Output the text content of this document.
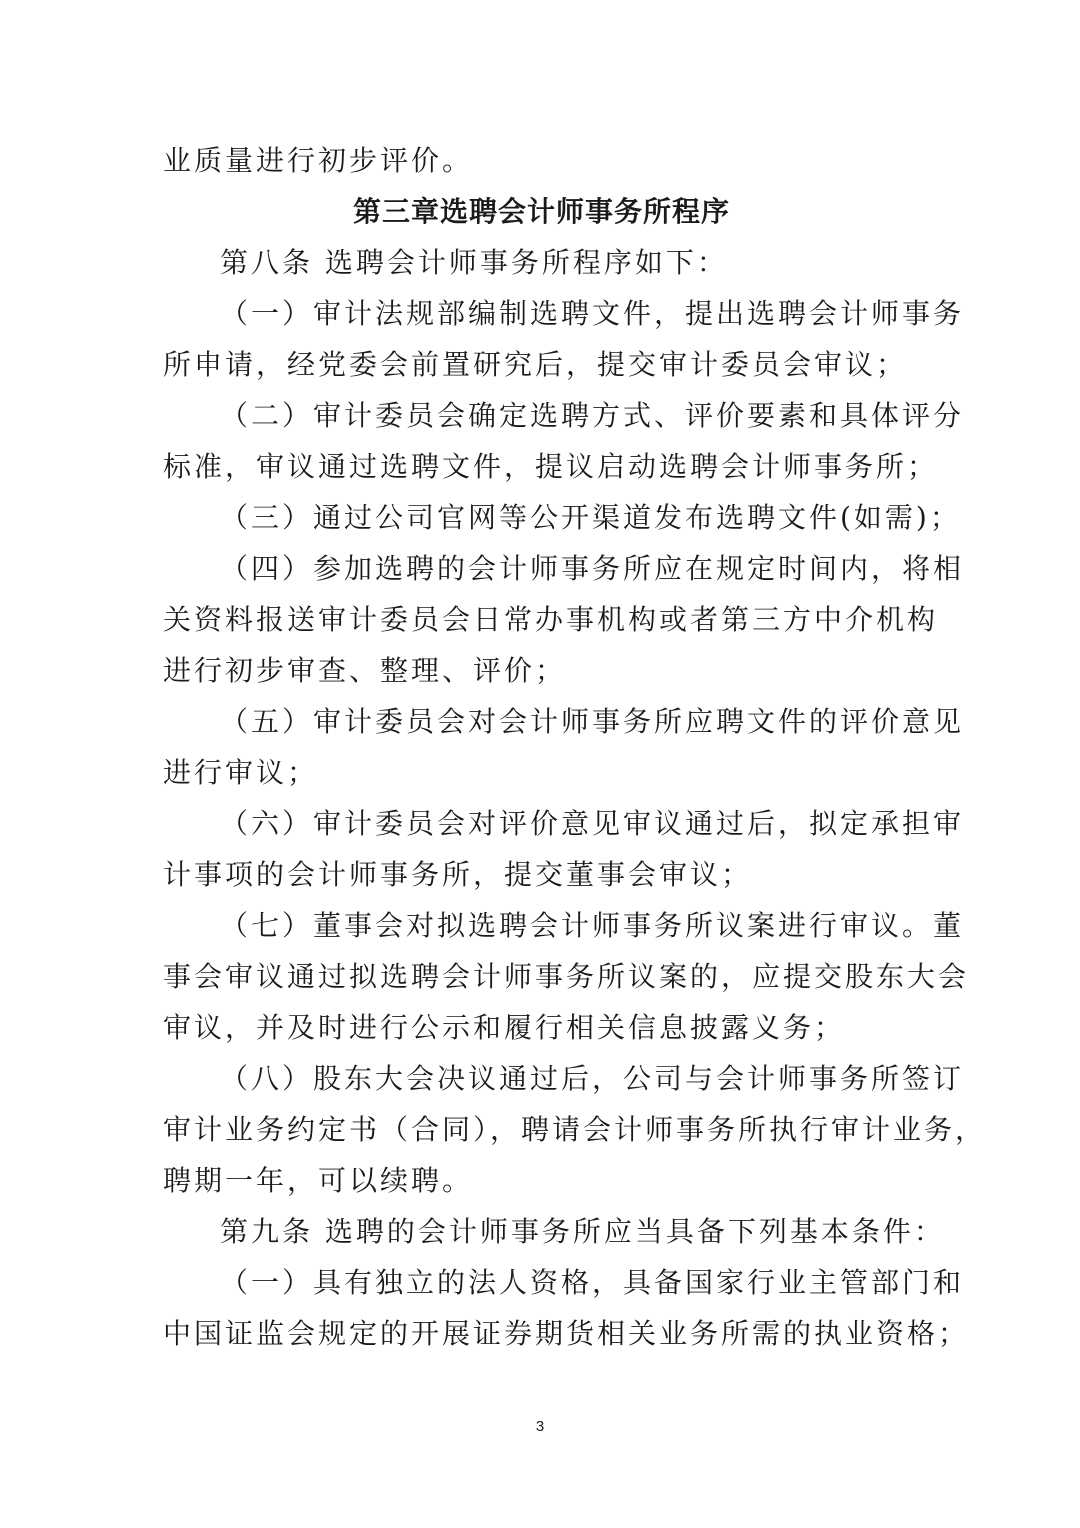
业质量进行初步评价。
第三章选聘会计师事务所程序
第八条 选聘会计师事务所程序如下：
（一）审计法规部编制选聘文件，提出选聘会计师事务
所申请，经党委会前置研究后，提交审计委员会审议；
（二）审计委员会确定选聘方式、评价要素和具体评分
标准，审议通过选聘文件，提议启动选聘会计师事务所；
（三）通过公司官网等公开渠道发布选聘文件(如需)；
（四）参加选聘的会计师事务所应在规定时间内，将相
关资料报送审计委员会日常办事机构或者第三方中介机构
进行初步审查、整理、评价；
（五）审计委员会对会计师事务所应聘文件的评价意见
进行审议；
（六）审计委员会对评价意见审议通过后，拟定承担审
计事项的会计师事务所，提交董事会审议；
（七）董事会对拟选聘会计师事务所议案进行审议。董
事会审议通过拟选聘会计师事务所议案的，应提交股东大会
审议，并及时进行公示和履行相关信息披露义务；
（八）股东大会决议通过后，公司与会计师事务所签订
审计业务约定书（合同），聘请会计师事务所执行审计业务，
聘期一年，可以续聘。
第九条 选聘的会计师事务所应当具备下列基本条件：
（一）具有独立的法人资格，具备国家行业主管部门和
中国证监会规定的开展证券期货相关业务所需的执业资格；
3
